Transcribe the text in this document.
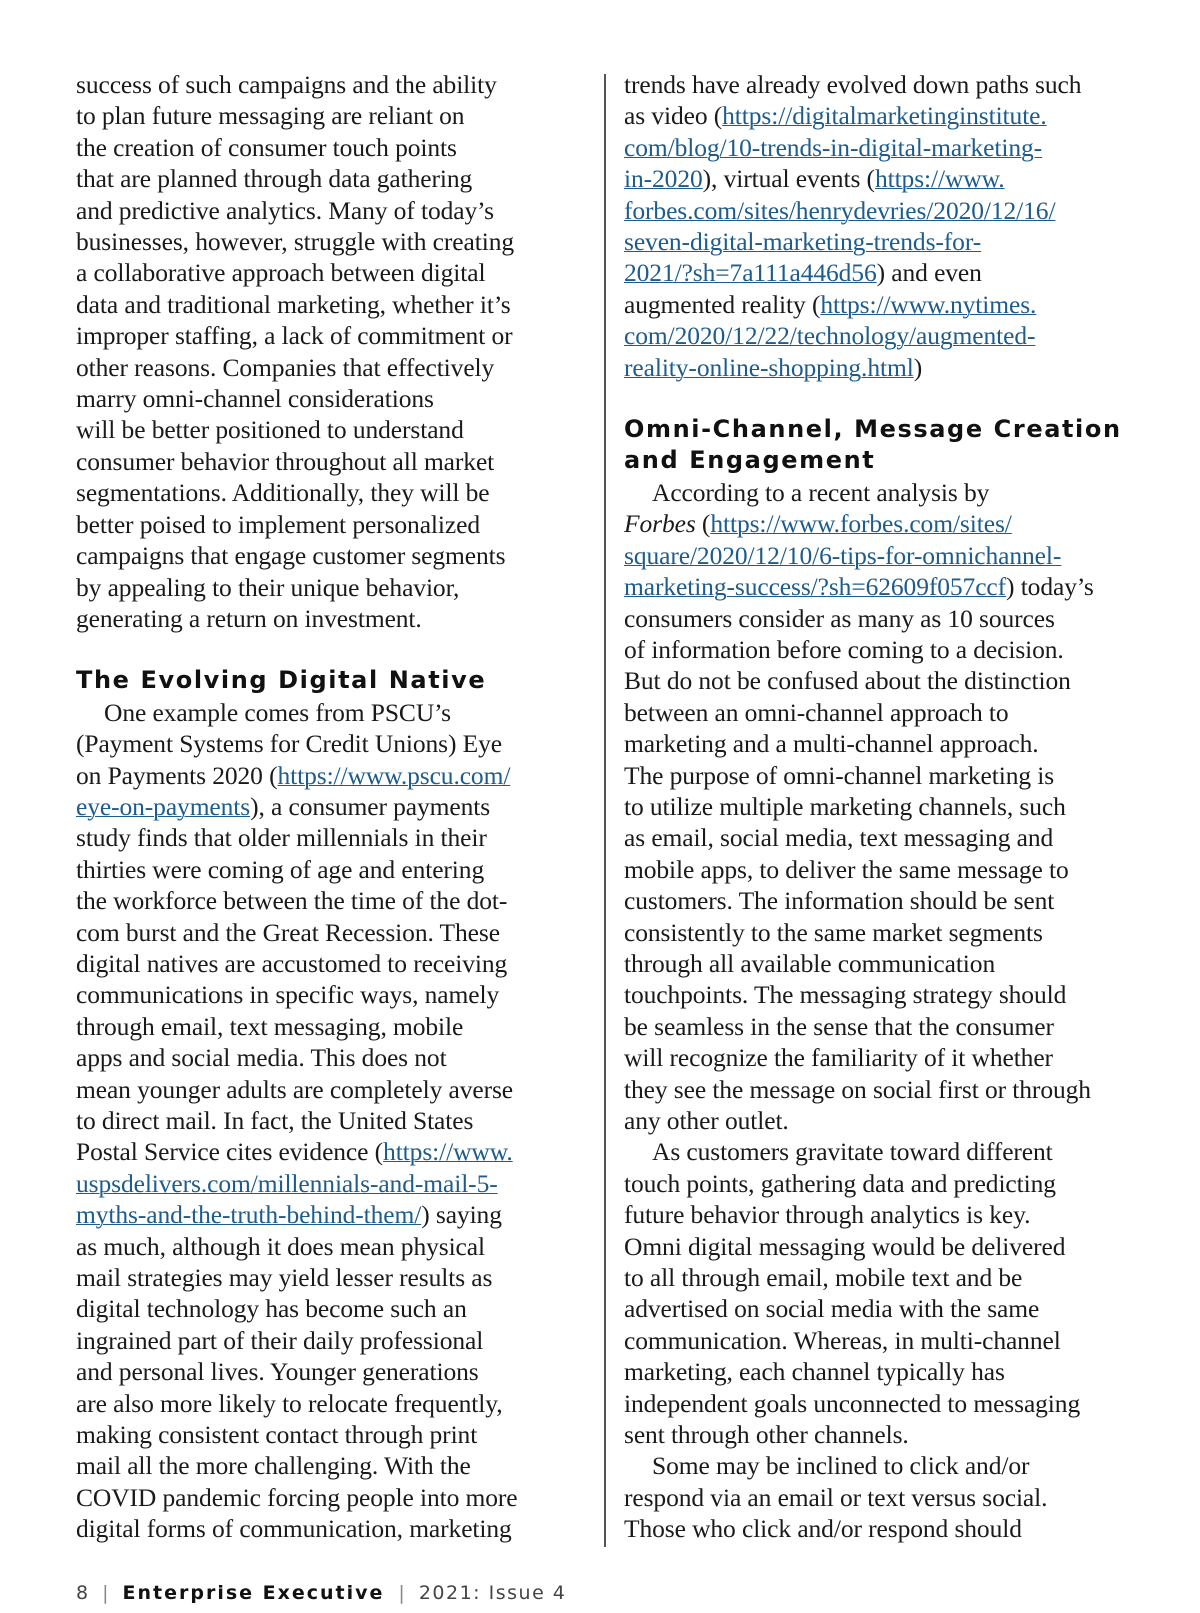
success of such campaigns and the ability
to plan future messaging are reliant on
the creation of consumer touch points
that are planned through data gathering
and predictive analytics. Many of today’s
businesses, however, struggle with creating
a collaborative approach between digital
data and traditional marketing, whether it’s
improper staffing, a lack of commitment or
other reasons. Companies that effectively
marry omni-channel considerations
will be better positioned to understand
consumer behavior throughout all market
segmentations. Additionally, they will be
better poised to implement personalized
campaigns that engage customer segments
by appealing to their unique behavior,
generating a return on investment.
The Evolving Digital Native
One example comes from PSCU’s
(Payment Systems for Credit Unions) Eye
on Payments 2020 (https://www.pscu.com/
eye-on-payments), a consumer payments
study finds that older millennials in their
thirties were coming of age and entering
the workforce between the time of the dot-
com burst and the Great Recession. These
digital natives are accustomed to receiving
communications in specific ways, namely
through email, text messaging, mobile
apps and social media. This does not
mean younger adults are completely averse
to direct mail. In fact, the United States
Postal Service cites evidence (https://www.
uspsdelivers.com/millennials-and-mail-5-
myths-and-the-truth-behind-them/) saying
as much, although it does mean physical
mail strategies may yield lesser results as
digital technology has become such an
ingrained part of their daily professional
and personal lives. Younger generations
are also more likely to relocate frequently,
making consistent contact through print
mail all the more challenging. With the
COVID pandemic forcing people into more
digital forms of communication, marketing
trends have already evolved down paths such
as video (https://digitalmarketinginstitute.
com/blog/10-trends-in-digital-marketing-
in-2020), virtual events (https://www.
forbes.com/sites/henrydevries/2020/12/16/
seven-digital-marketing-trends-for-
2021/?sh=7a111a446d56) and even
augmented reality (https://www.nytimes.
com/2020/12/22/technology/augmented-
reality-online-shopping.html)
Omni-Channel, Message Creation
and Engagement
According to a recent analysis by
Forbes (https://www.forbes.com/sites/
square/2020/12/10/6-tips-for-omnichannel-
marketing-success/?sh=62609f057ccf) today’s
consumers consider as many as 10 sources
of information before coming to a decision.
But do not be confused about the distinction
between an omni-channel approach to
marketing and a multi-channel approach.
The purpose of omni-channel marketing is
to utilize multiple marketing channels, such
as email, social media, text messaging and
mobile apps, to deliver the same message to
customers. The information should be sent
consistently to the same market segments
through all available communication
touchpoints. The messaging strategy should
be seamless in the sense that the consumer
will recognize the familiarity of it whether
they see the message on social first or through
any other outlet.
As customers gravitate toward different
touch points, gathering data and predicting
future behavior through analytics is key.
Omni digital messaging would be delivered
to all through email, mobile text and be
advertised on social media with the same
communication. Whereas, in multi-channel
marketing, each channel typically has
independent goals unconnected to messaging
sent through other channels.
Some may be inclined to click and/or
respond via an email or text versus social.
Those who click and/or respond should
8 | Enterprise Executive | 2021: Issue 4
